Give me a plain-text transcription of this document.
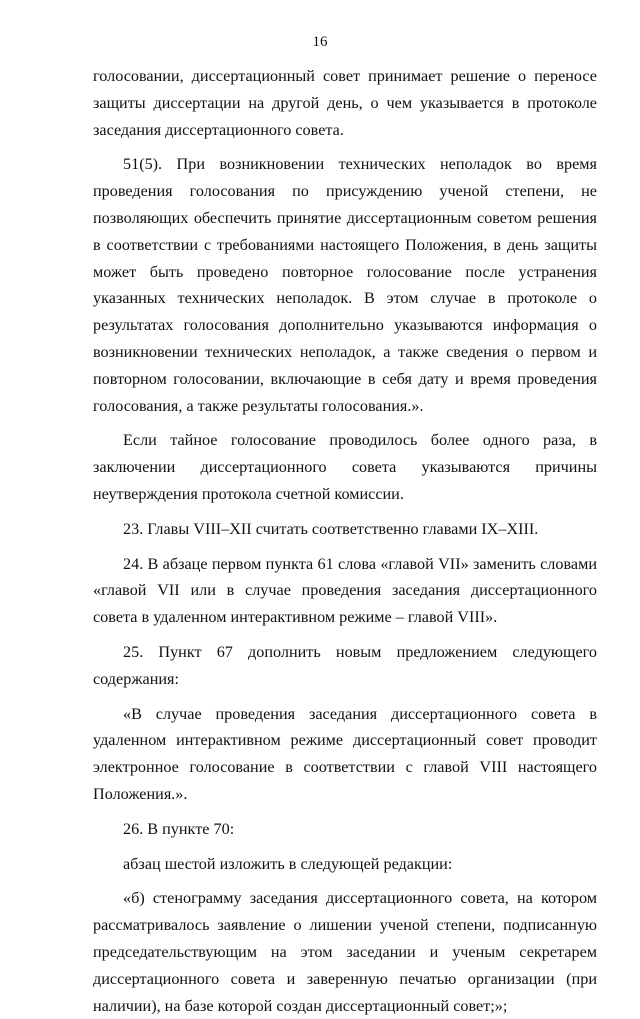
16

голосовании, диссертационный совет принимает решение о переносе защиты диссертации на другой день, о чем указывается в протоколе заседания диссертационного совета.

51(5). При возникновении технических неполадок во время проведения голосования по присуждению ученой степени, не позволяющих обеспечить принятие диссертационным советом решения в соответствии с требованиями настоящего Положения, в день защиты может быть проведено повторное голосование после устранения указанных технических неполадок. В этом случае в протоколе о результатах голосования дополнительно указываются информация о возникновении технических неполадок, а также сведения о первом и повторном голосовании, включающие в себя дату и время проведения голосования, а также результаты голосования.».

Если тайное голосование проводилось более одного раза, в заключении диссертационного совета указываются причины неутверждения протокола счетной комиссии.

23. Главы VIII–XII считать соответственно главами IX–XIII.

24. В абзаце первом пункта 61 слова «главой VII» заменить словами «главой VII или в случае проведения заседания диссертационного совета в удаленном интерактивном режиме – главой VIII».

25. Пункт 67 дополнить новым предложением следующего содержания:

«В случае проведения заседания диссертационного совета в удаленном интерактивном режиме диссертационный совет проводит электронное голосование в соответствии с главой VIII настоящего Положения.».

26. В пункте 70:

абзац шестой изложить в следующей редакции:

«б) стенограмму заседания диссертационного совета, на котором рассматривалось заявление о лишении ученой степени, подписанную председательствующим на этом заседании и ученым секретарем диссертационного совета и заверенную печатью организации (при наличии), на базе которой создан диссертационный совет;»;
